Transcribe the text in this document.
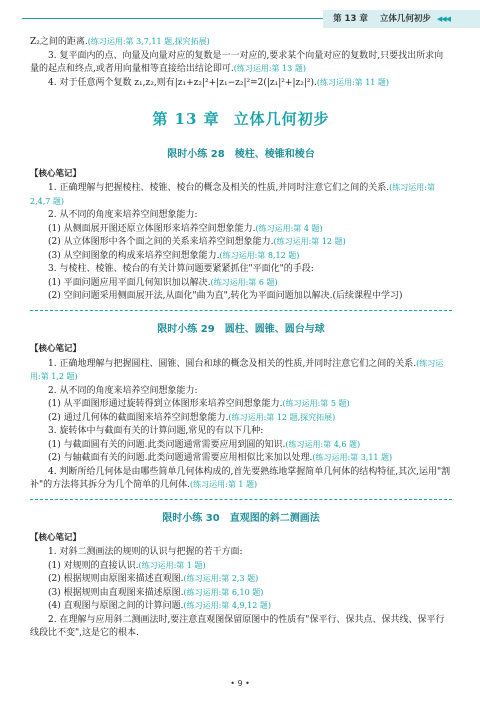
第 13 章 立体几何初步 ◀◀◀

Z₂之间的距离.(练习运用:第 3,7,11 题,探究拓展)

3. 复平面内的点、向量及向量对应的复数是一一对应的,要求某个向量对应的复数时,只要找出所求向量的起点和终点,或者用向量相等直接给出结论即可.(练习运用:第 13 题)

4. 对于任意两个复数 z₁,z₂,则有|z₁+z₂|²+|z₁−z₂|²=2(|z₁|²+|z₂|²).(练习运用:第 11 题)

第 13 章 立体几何初步
限时小练 28 棱柱、棱锥和棱台
【核心笔记】

1. 正确理解与把握棱柱、棱锥、棱台的概念及相关的性质,并同时注意它们之间的关系.(练习运用:第 2,4,7 题)

2. 从不同的角度来培养空间想象能力:

(1) 从侧面展开图还原立体图形来培养空间想象能力.(练习运用:第 4 题)

(2) 从立体图形中各个面之间的关系来培养空间想象能力.(练习运用:第 12 题)

(3) 从空间图象的构成来培养空间想象能力.(练习运用:第 8,12 题)

3. 与棱柱、棱锥、棱台的有关计算问题要紧紧抓住"平面化"的手段:

(1) 平面问题应用平面几何知识加以解决.(练习运用:第 6 题)

(2) 空间问题采用侧面展开法,从面化"曲为直",转化为平面问题加以解决.(后续课程中学习)

限时小练 29 圆柱、圆锥、圆台与球
【核心笔记】

1. 正确地理解与把握圆柱、圆锥、圆台和球的概念及相关的性质,并同时注意它们之间的关系.(练习运用:第 1,2 题)

2. 从不同的角度来培养空间想象能力:

(1) 从平面图形通过旋转得到立体图形来培养空间想象能力.(练习运用:第 5 题)

(2) 通过几何体的截面图来培养空间想象能力.(练习运用:第 12 题,探究拓展)

3. 旋转体中与截面有关的计算问题,常见的有以下几种:

(1) 与截面圆有关的问题.此类问题通常需要应用到圆的知识.(练习运用:第 4,6 题)

(2) 与轴截面有关的问题.此类问题通常需要应用相似比来加以处理.(练习运用:第 3,11 题)

4. 判断所给几何体是由哪些简单几何体构成的,首先要熟练地掌握简单几何体的结构特征,其次,运用"割补"的方法将其拆分为几个简单的几何体.(练习运用:第 1 题)

限时小练 30 直观图的斜二测画法
【核心笔记】

1. 对斜二测画法的规则的认识与把握的若干方面:

(1) 对规则的直接认识.(练习运用:第 1 题)

(2) 根据规则由原图来描述直观图.(练习运用:第 2,3 题)

(3) 根据规则由直观图来描述原图.(练习运用:第 6,10 题)

(4) 直观图与原图之间的计算问题.(练习运用:第 4,9,12 题)

2. 在理解与应用斜二测画法时,要注意直观图保留原图中的性质有"保平行、保共点、保共线、保平行线段比不变",这是它的根本.

• 9 •
